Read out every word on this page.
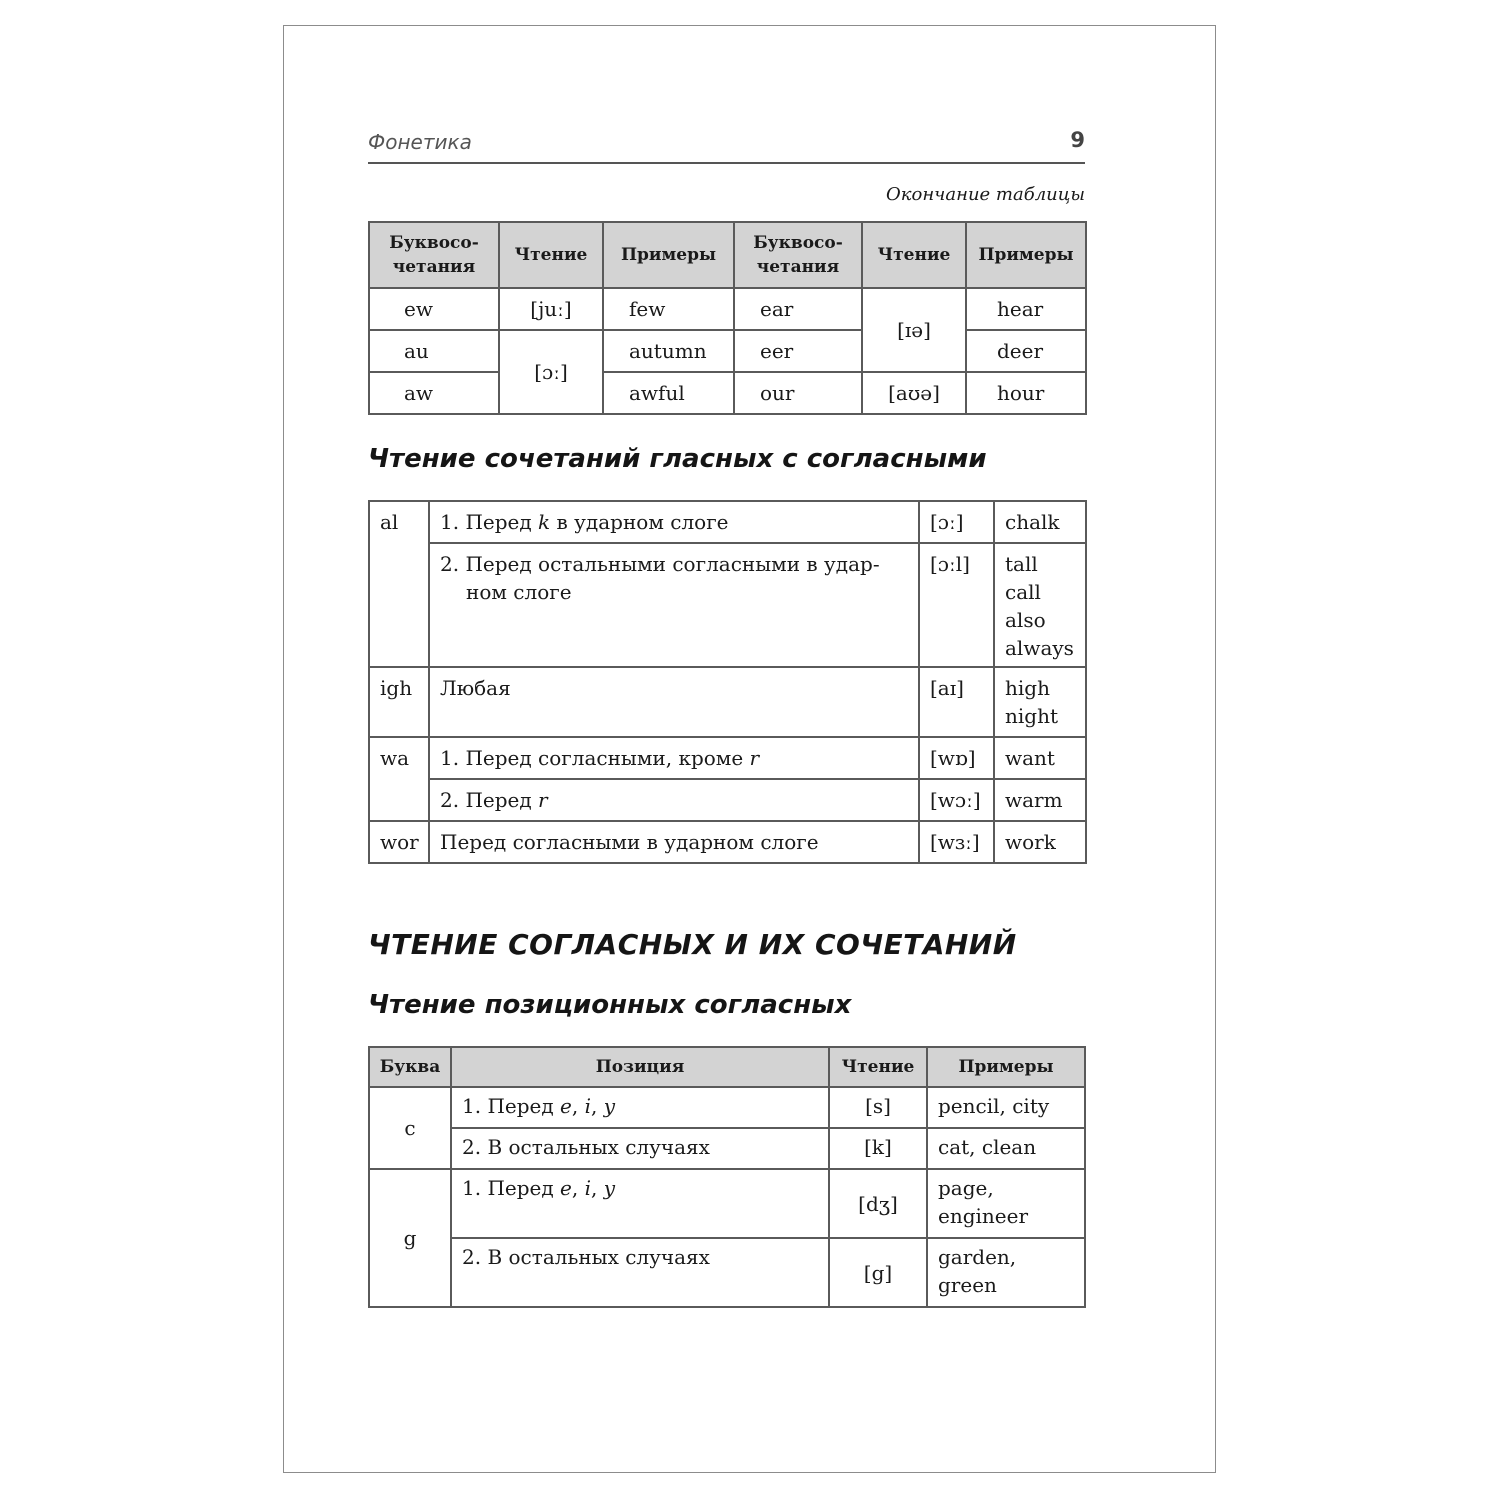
Фонетика	9
Окончание таблицы
Буквосо-четания	Чтение	Примеры	Буквосо-четания	Чтение	Примеры
ew	[juː]	few	ear	[ɪə]	hear
au	[ɔː]	autumn	eer		deer
aw		awful	our	[aʊə]	hour
Чтение сочетаний гласных с согласными
al	1. Перед k в ударном слоге	[ɔː]	chalk
	2. Перед остальными согласными в удар-ном слоге	[ɔːl]	tall
call
also
always

igh	Любая	[aɪ]	high
night

wa	1. Перед согласными, кроме r	[wɒ]	want
	2. Перед r	[wɔː]	warm
wor	Перед согласными в ударном слоге	[wɜː]	work
ЧТЕНИЕ СОГЛАСНЫХ И ИХ СОЧЕТАНИЙ
Чтение позиционных согласных
Буква	Позиция	Чтение	Примеры
c	1. Перед e, i, y	[s]	pencil, city
	2. В остальных случаях	[k]	cat, clean
g	1. Перед e, i, y	[dʒ]	page,
engineer

	2. В остальных случаях	[g]	garden,
green
